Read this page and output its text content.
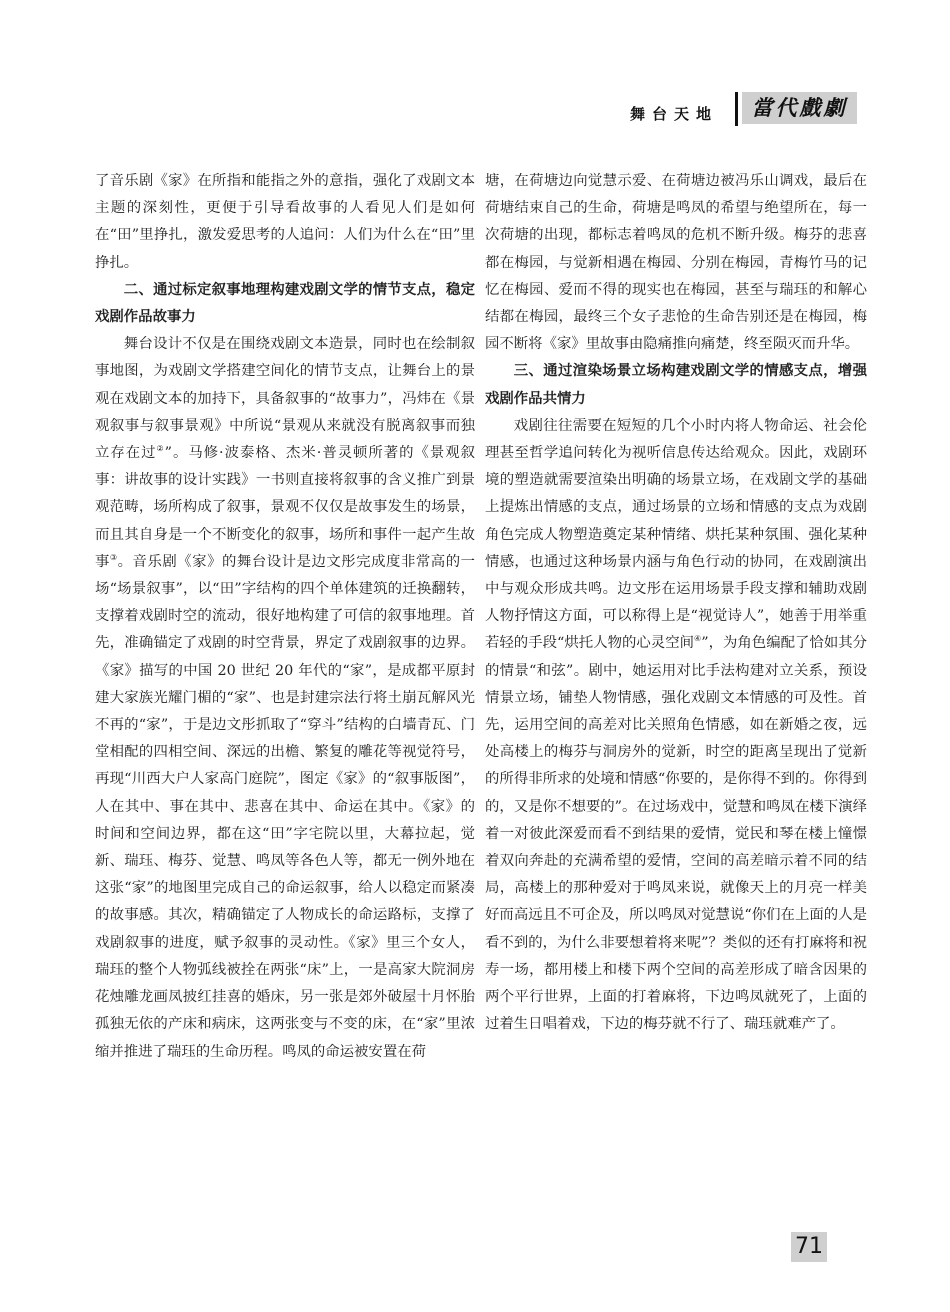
舞台天地	當代戲劇

了音乐剧《家》在所指和能指之外的意指，强化了戏剧文本主题的深刻性，更便于引导看故事的人看见人们是如何在“田”里挣扎，激发爱思考的人追问：人们为什么在“田”里挣扎。

二、通过标定叙事地理构建戏剧文学的情节支点，稳定戏剧作品故事力

舞台设计不仅是在围绕戏剧文本造景，同时也在绘制叙事地图，为戏剧文学搭建空间化的情节支点，让舞台上的景观在戏剧文本的加持下，具备叙事的“故事力”，冯炜在《景观叙事与叙事景观》中所说“景观从来就没有脱离叙事而独立存在过②”。马修·波泰格、杰米·普灵顿所著的《景观叙事：讲故事的设计实践》一书则直接将叙事的含义推广到景观范畴，场所构成了叙事，景观不仅仅是故事发生的场景，而且其自身是一个不断变化的叙事，场所和事件一起产生故事③。音乐剧《家》的舞台设计是边文彤完成度非常高的一场“场景叙事”，以“田”字结构的四个单体建筑的迁换翻转，支撑着戏剧时空的流动，很好地构建了可信的叙事地理。首先，准确锚定了戏剧的时空背景，界定了戏剧叙事的边界。《家》描写的中国 20 世纪 20 年代的“家”，是成都平原封建大家族光耀门楣的“家”、也是封建宗法行将土崩瓦解风光不再的“家”，于是边文彤抓取了“穿斗”结构的白墙青瓦、门堂相配的四相空间、深远的出檐、繁复的雕花等视觉符号，再现“川西大户人家高门庭院”，图定《家》的“叙事版图”，人在其中、事在其中、悲喜在其中、命运在其中。《家》的时间和空间边界，都在这“田”字宅院以里，大幕拉起，觉新、瑞珏、梅芬、觉慧、鸣凤等各色人等，都无一例外地在这张“家”的地图里完成自己的命运叙事，给人以稳定而紧凑的故事感。其次，精确锚定了人物成长的命运路标，支撑了戏剧叙事的进度，赋予叙事的灵动性。《家》里三个女人，瑞珏的整个人物弧线被拴在两张“床”上，一是高家大院洞房花烛雕龙画凤披红挂喜的婚床，另一张是郊外破屋十月怀胎孤独无依的产床和病床，这两张变与不变的床，在“家”里浓缩并推进了瑞珏的生命历程。鸣凤的命运被安置在荷

塘，在荷塘边向觉慧示爱、在荷塘边被冯乐山调戏，最后在荷塘结束自己的生命，荷塘是鸣凤的希望与绝望所在，每一次荷塘的出现，都标志着鸣凤的危机不断升级。梅芬的悲喜都在梅园，与觉新相遇在梅园、分别在梅园，青梅竹马的记忆在梅园、爱而不得的现实也在梅园，甚至与瑞珏的和解心结都在梅园，最终三个女子悲怆的生命告别还是在梅园，梅园不断将《家》里故事由隐痛推向痛楚，终至陨灭而升华。

三、通过渲染场景立场构建戏剧文学的情感支点，增强戏剧作品共情力

戏剧往往需要在短短的几个小时内将人物命运、社会伦理甚至哲学追问转化为视听信息传达给观众。因此，戏剧环境的塑造就需要渲染出明确的场景立场，在戏剧文学的基础上提炼出情感的支点，通过场景的立场和情感的支点为戏剧角色完成人物塑造奠定某种情绪、烘托某种氛围、强化某种情感，也通过这种场景内涵与角色行动的协同，在戏剧演出中与观众形成共鸣。边文彤在运用场景手段支撑和辅助戏剧人物抒情这方面，可以称得上是“视觉诗人”，她善于用举重若轻的手段“烘托人物的心灵空间④”，为角色编配了恰如其分的情景“和弦”。剧中，她运用对比手法构建对立关系，预设情景立场，铺垫人物情感，强化戏剧文本情感的可及性。首先，运用空间的高差对比关照角色情感，如在新婚之夜，远处高楼上的梅芬与洞房外的觉新，时空的距离呈现出了觉新的所得非所求的处境和情感“你要的，是你得不到的。你得到的，又是你不想要的”。在过场戏中，觉慧和鸣凤在楼下演绎着一对彼此深爱而看不到结果的爱情，觉民和琴在楼上憧憬着双向奔赴的充满希望的爱情，空间的高差暗示着不同的结局，高楼上的那种爱对于鸣凤来说，就像天上的月亮一样美好而高远且不可企及，所以鸣凤对觉慧说“你们在上面的人是看不到的，为什么非要想着将来呢”？类似的还有打麻将和祝寿一场，都用楼上和楼下两个空间的高差形成了暗含因果的两个平行世界，上面的打着麻将，下边鸣凤就死了，上面的过着生日唱着戏，下边的梅芬就不行了、瑞珏就难产了。

71
